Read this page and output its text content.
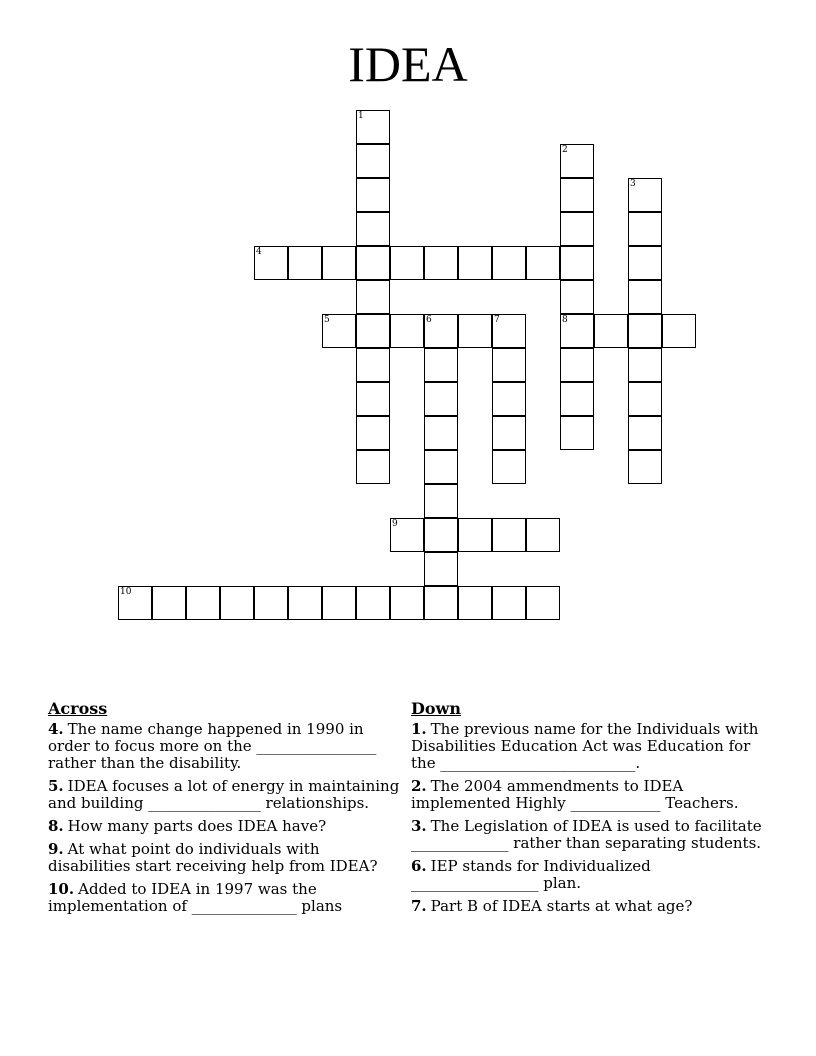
IDEA
1
2
8
3
4
5	6	7
9
10
Across
4. The name change happened in 1990 in order to focus more on the ________________ rather than the disability.
5. IDEA focuses a lot of energy in maintaining and building _______________ relationships.
8. How many parts does IDEA have?
9. At what point do individuals with disabilities start receiving help from IDEA?
10. Added to IDEA in 1997 was the implementation of ______________ plans
Down
1. The previous name for the Individuals with Disabilities Education Act was Education for the __________________________.
2. The 2004 ammendments to IDEA implemented Highly ____________ Teachers.
3. The Legislation of IDEA is used to facilitate _____________ rather than separating students.
6. IEP stands for Individualized _________________ plan.
7. Part B of IDEA starts at what age?
